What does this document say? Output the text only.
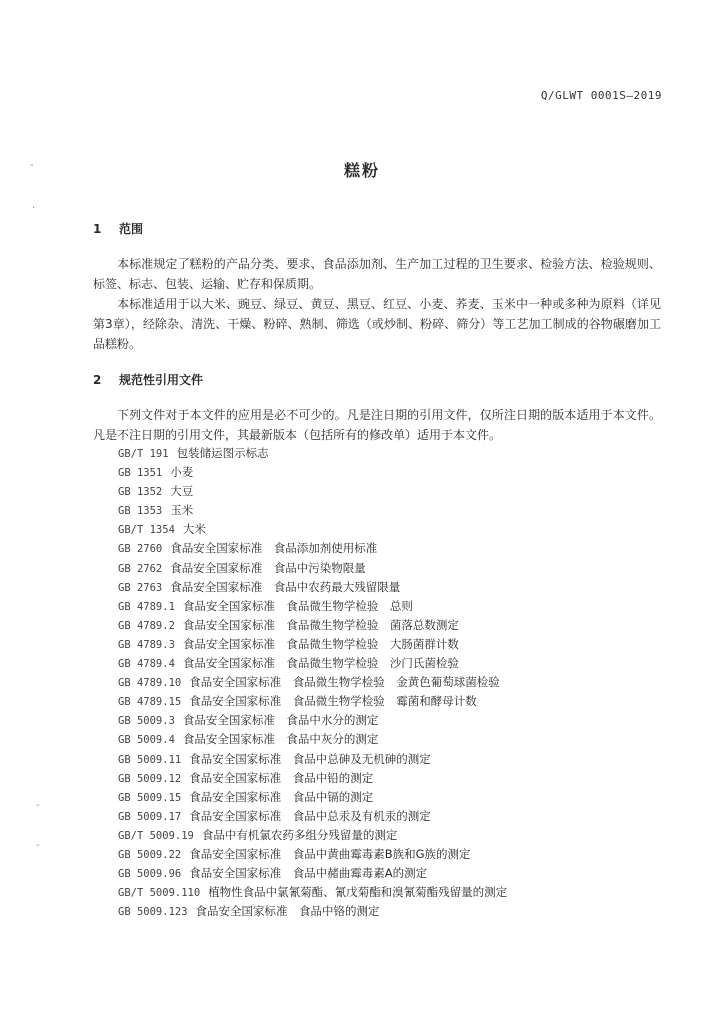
Q/GLWT 0001S—2019
糕粉
1 范围
本标准规定了糕粉的产品分类、要求、食品添加剂、生产加工过程的卫生要求、检验方法、检验规则、标签、标志、包装、运输、贮存和保质期。
本标准适用于以大米、豌豆、绿豆、黄豆、黑豆、红豆、小麦、荞麦、玉米中一种或多种为原料（详见第3章），经除杂、清洗、干燥、粉碎、熟制、筛选（或炒制、粉碎、筛分）等工艺加工制成的谷物碾磨加工品糕粉。
2 规范性引用文件
下列文件对于本文件的应用是必不可少的。凡是注日期的引用文件，仅所注日期的版本适用于本文件。凡是不注日期的引用文件，其最新版本（包括所有的修改单）适用于本文件。
GB/T 191 包装储运图示标志
GB 1351 小麦
GB 1352 大豆
GB 1353 玉米
GB/T 1354 大米
GB 2760 食品安全国家标准　食品添加剂使用标准
GB 2762 食品安全国家标准　食品中污染物限量
GB 2763 食品安全国家标准　食品中农药最大残留限量
GB 4789.1 食品安全国家标准　食品微生物学检验　总则
GB 4789.2 食品安全国家标准　食品微生物学检验　菌落总数测定
GB 4789.3 食品安全国家标准　食品微生物学检验　大肠菌群计数
GB 4789.4 食品安全国家标准　食品微生物学检验　沙门氏菌检验
GB 4789.10 食品安全国家标准　食品微生物学检验　金黄色葡萄球菌检验
GB 4789.15 食品安全国家标准　食品微生物学检验　霉菌和酵母计数
GB 5009.3 食品安全国家标准　食品中水分的测定
GB 5009.4 食品安全国家标准　食品中灰分的测定
GB 5009.11 食品安全国家标准　食品中总砷及无机砷的测定
GB 5009.12 食品安全国家标准　食品中铅的测定
GB 5009.15 食品安全国家标准　食品中镉的测定
GB 5009.17 食品安全国家标准　食品中总汞及有机汞的测定
GB/T 5009.19 食品中有机氯农药多组分残留量的测定
GB 5009.22 食品安全国家标准　食品中黄曲霉毒素B族和G族的测定
GB 5009.96 食品安全国家标准　食品中赭曲霉毒素A的测定
GB/T 5009.110 植物性食品中氯氰菊酯、氰戊菊酯和溴氰菊酯残留量的测定
GB 5009.123 食品安全国家标准　食品中铬的测定
-
.
-
-
